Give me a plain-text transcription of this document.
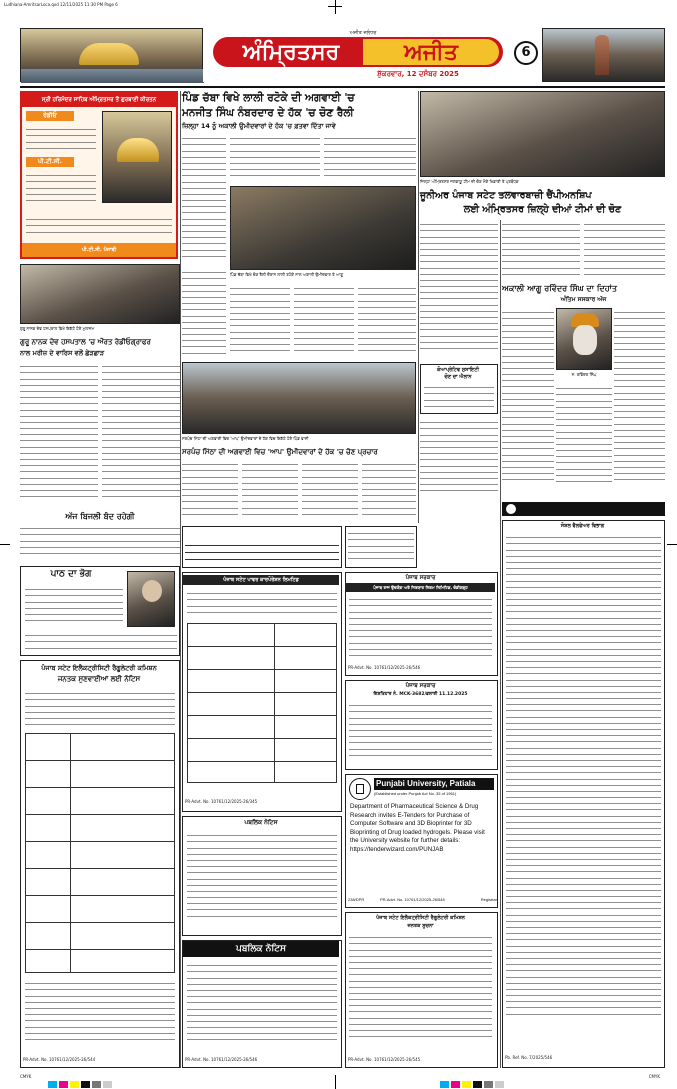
Ludhiana-AmritsarLoca.qxd 12/11/2025 11:30 PM Page 6
ਅਜੀਤ ਜਲੰਧਰ
ਅੰਮ੍ਰਿਤਸਰ	ਅਜੀਤ
ਸ਼ੁੱਕਰਵਾਰ, 12 ਦਸੰਬਰ 2025
6
ਸ੍ਰੀ ਹਰਿਮੰਦਰ ਸਾਹਿਬ ਅੰਮ੍ਰਿਤਸਰ ਤੋਂ ਗੁਰਬਾਣੀ ਕੀਰਤਨ
ਰੇਡੀਓ
ਪੀ.ਟੀ.ਸੀ.
ਪੀ.ਟੀ.ਸੀ. ਪੰਜਾਬੀ
ਗੁਰੂ ਨਾਨਕ ਦੇਵ ਹਸਪਤਾਲ ਵਿਖੇ ਇਕੱਠੇ ਹੋਏ ਮੁਲਾਜ਼ਮ
ਗੁਰੂ ਨਾਨਕ ਦੇਵ ਹਸਪਤਾਲ 'ਚ ਔਰਤ ਰੇਡੀਓਗ੍ਰਾਫਰ
ਨਾਲ ਮਰੀਜ਼ ਦੇ ਵਾਰਿਸ ਵਲੋਂ ਛੇੜਛਾੜ
ਅੱਜ ਬਿਜਲੀ ਬੰਦ ਰਹੇਗੀ
ਪਾਠ ਦਾ ਭੋਗ
ਪੰਜਾਬ ਸਟੇਟ ਇਲੈਕਟ੍ਰੀਸਿਟੀ ਰੈਗੂਲੇਟਰੀ ਕਮਿਸ਼ਨ
ਜਨਤਕ ਸੁਣਵਾਈਆਂ ਲਈ ਨੋਟਿਸ
PR-Advt. No. 10761/12/2025-26/544
ਪਿੰਡ ਚੱਬਾ ਵਿਖੇ ਲਾਲੀ ਰਟੋਕੇ ਦੀ ਅਗਵਾਈ 'ਚ
ਮਨਜੀਤ ਸਿੰਘ ਨੰਬਰਦਾਰ ਦੇ ਹੱਕ 'ਚ ਚੋਣ ਰੈਲੀ
ਜ਼ਿਲ੍ਹਾ 14 ਨੂੰ ਅਕਾਲੀ ਉਮੀਦਵਾਰਾਂ ਦੇ ਹੱਕ 'ਚ ਫ਼ਤਵਾ ਦਿੱਤਾ ਜਾਵੇ
ਪਿੰਡ ਚੱਬਾ ਵਿਖੇ ਚੋਣ ਰੈਲੀ ਦੌਰਾਨ ਲਾਲੀ ਰਟੋਕੇ ਨਾਲ ਅਕਾਲੀ ਉਮੀਦਵਾਰ ਤੇ ਆਗੂ
ਸਰਪੰਚ ਮਿੱਠਾ ਦੀ ਅਗਵਾਈ ਵਿਚ 'ਆਪ' ਉਮੀਦਵਾਰਾਂ ਦੇ ਹੱਕ ਵਿਚ ਇਕੱਠੇ ਹੋਏ ਪਿੰਡ ਵਾਸੀ
ਸਰਪੰਚ ਮਿੱਠਾ ਦੀ ਅਗਵਾਈ ਵਿਚ 'ਆਪ' ਉਮੀਦਵਾਰਾਂ ਦੇ ਹੱਕ 'ਚ ਚੋਣ ਪ੍ਰਚਾਰ
ਪੰਜਾਬ ਸਟੇਟ ਪਾਵਰ ਕਾਰਪੋਰੇਸ਼ਨ ਲਿਮਟਿਡ
PR-Advt. No. 10761/12/2025-26/345
ਪਬਲਿਕ ਨੋਟਿਸ
ਪਬਲਿਕ ਨੋਟਿਸ
PR-Advt. No. 10761/12/2025-26/546
ਜ਼ਿਲ੍ਹਾ ਅੰਮ੍ਰਿਤਸਰ ਜਲਵਾਯੂ ਟੀਮ ਦੀ ਚੋਣ ਮੌਕੇ ਖਿਡਾਰੀ ਤੇ ਪ੍ਰਬੰਧਕ
ਜੂਨੀਅਰ ਪੰਜਾਬ ਸਟੇਟ ਤਲਵਾਰਬਾਜ਼ੀ ਚੈਂਪੀਅਨਸ਼ਿਪ
ਲਈ ਅੰਮ੍ਰਿਤਸਰ ਜ਼ਿਲ੍ਹੇ ਦੀਆਂ ਟੀਮਾਂ ਦੀ ਚੋਣ
ਅਕਾਲੀ ਆਗੂ ਰਵਿੰਦਰ ਸਿੰਘ ਦਾ ਦਿਹਾਂਤ
ਅੰਤਿਮ ਸਸਕਾਰ ਅੱਜ
ਸ. ਰਵਿੰਦਰ ਸਿੰਘ
ਕੋਆਪ੍ਰੇਟਿਵ ਸੁਸਾਇਟੀ
ਚੋਣ ਦਾ ਐਲਾਨ
ਸੋਸ਼ਲ ਵੈਲਫੇਅਰ ਵਿਭਾਗ
Pb. Ref. No. 7/2025/546
ਪੰਜਾਬ ਸਰਕਾਰ
ਪੰਜਾਬ ਰਾਜ ਉਦਯੋਗ ਅਤੇ ਨਿਰਯਾਤ ਨਿਗਮ ਲਿਮਿਟਿਡ, ਚੰਡੀਗੜ੍ਹ
PR-Advt. No. 10761/12/2025-26/546
ਪੰਜਾਬ ਸਰਕਾਰ
ਇਸ਼ਤਿਹਾਰ ਨੰ. MCK-3682/ਭਲਾਈ 11.12.2025
Punjabi University, Patiala
(Established under Punjab Act No. 35 of 1961)
Department of Pharmaceutical Science & Drug Research invites E-Tenders for Purchase of Computer Software and 3D Bioprinter for 3D Bioprinting of Drug loaded hydrogels. Please visit the University website for further details: https://tenderwizard.com/PUNJAB
238/DPR	PR-Advt. No. 10761/12/2025-26/548	Registrar
ਪੰਜਾਬ ਸਟੇਟ ਇਲੈਕਟ੍ਰੀਸਿਟੀ ਰੈਗੂਲੇਟਰੀ ਕਮਿਸ਼ਨ
ਜਨਤਕ ਸੂਚਨਾ
PR-Advt. No. 10761/12/2025-26/545
CMYK	CMYK
